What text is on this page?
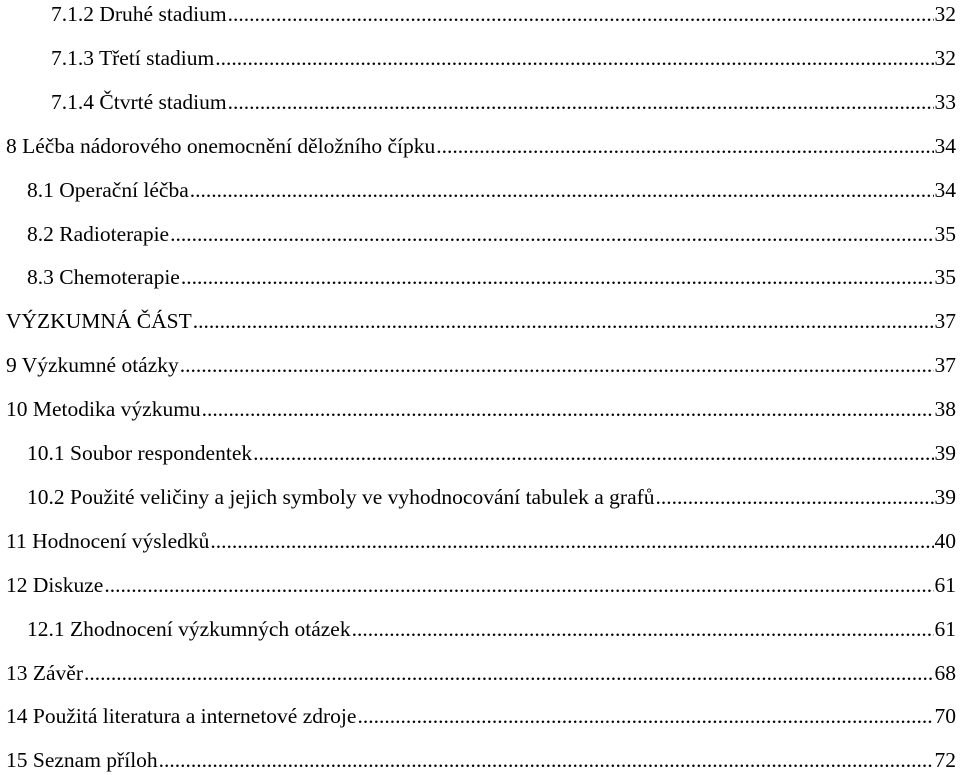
7.1.2 Druhé stadium .....	32
7.1.3 Třetí stadium .....	32
7.1.4 Čtvrté stadium .....	33
8 Léčba nádorového onemocnění děložního čípku .....	34
8.1 Operační léčba .....	34
8.2 Radioterapie .....	35
8.3 Chemoterapie .....	35
VÝZKUMNÁ ČÁST .....	37
9 Výzkumné otázky .....	37
10 Metodika výzkumu .....	38
10.1 Soubor respondentek .....	39
10.2 Použité veličiny a jejich symboly ve vyhodnocování tabulek a grafů .....	39
11 Hodnocení výsledků .....	40
12 Diskuze .....	61
12.1 Zhodnocení výzkumných otázek .....	61
13 Závěr .....	68
14 Použitá literatura a internetové zdroje .....	70
15 Seznam příloh .....	72
